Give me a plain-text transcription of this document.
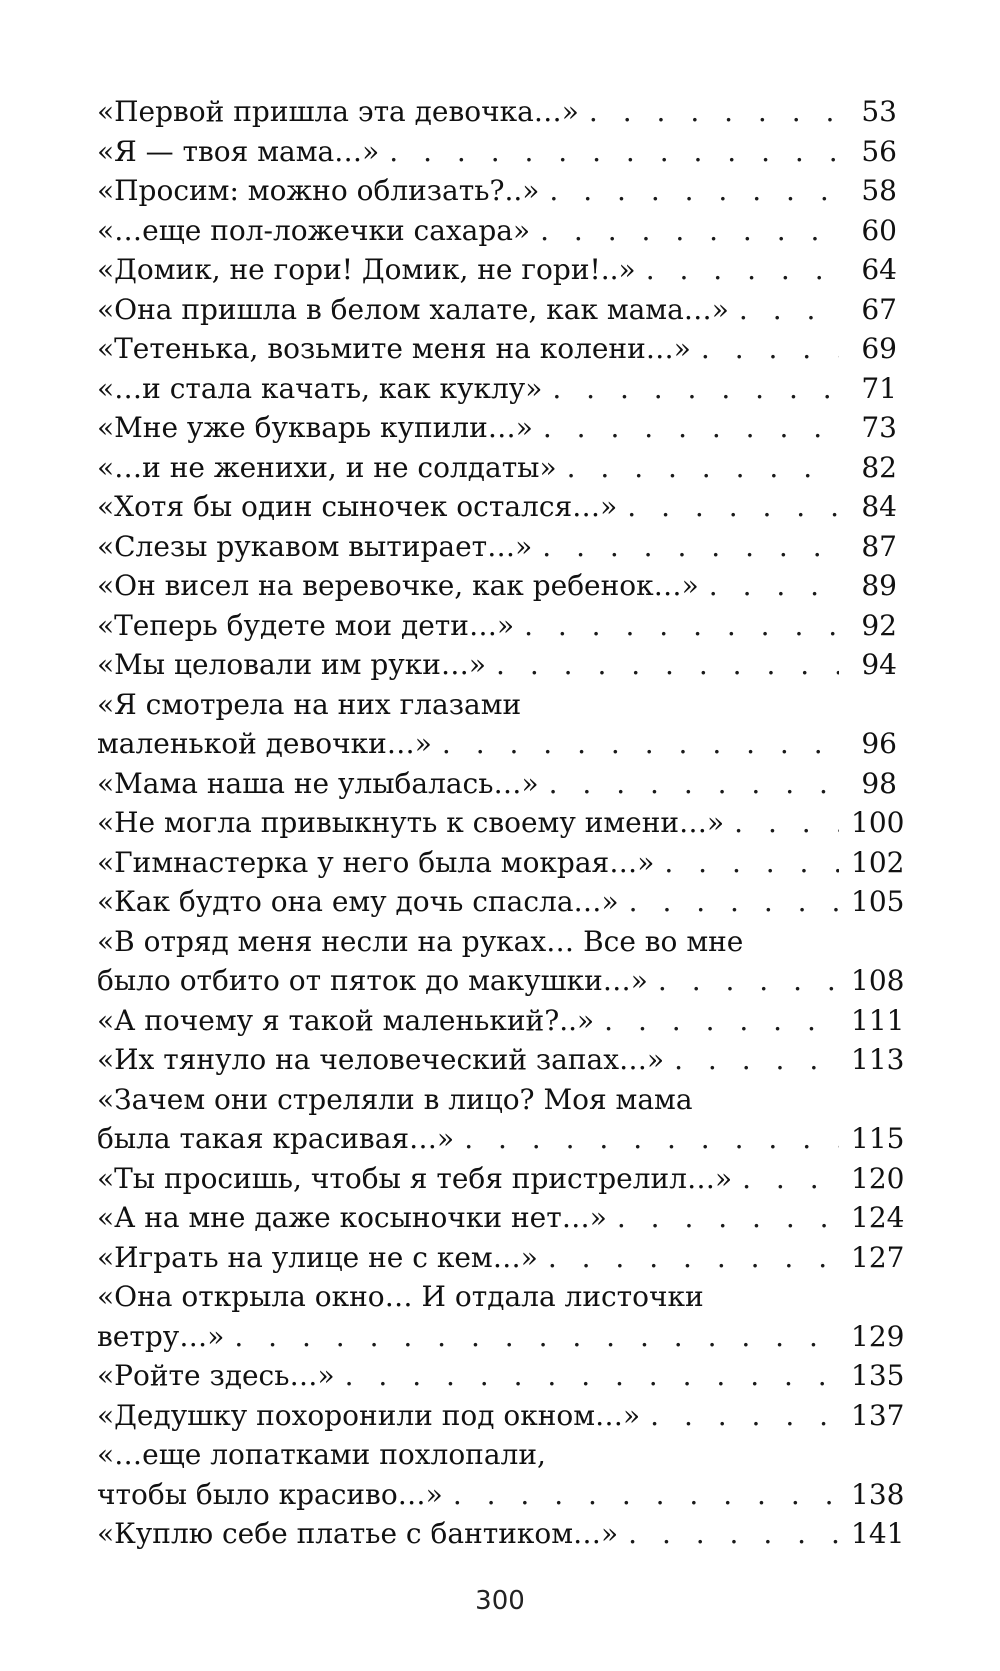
«Первой пришла эта девочка…» . . .	53
«Я — твоя мама…» . . .	56
«Просим: можно облизать?..» . . .	58
«…еще пол-ложечки сахара» . . .	60
«Домик, не гори! Домик, не гори!..» . . .	64
«Она пришла в белом халате, как мама…» . . .	67
«Тетенька, возьмите меня на колени…» . . .	69
«…и стала качать, как куклу» . . .	71
«Мне уже букварь купили…» . . .	73
«…и не женихи, и не солдаты» . . .	82
«Хотя бы один сыночек остался…» . . .	84
«Слезы рукавом вытирает…» . . .	87
«Он висел на веревочке, как ребенок…» . . .	89
«Теперь будете мои дети…» . . .	92
«Мы целовали им руки…» . . .	94
«Я смотрела на них глазами
маленькой девочки…» . . .	96
«Мама наша не улыбалась…» . . .	98
«Не могла привыкнуть к своему имени…» . . .	100
«Гимнастерка у него была мокрая…» . . .	102
«Как будто она ему дочь спасла…» . . .	105
«В отряд меня несли на руках… Все во мне
было отбито от пяток до макушки…» . . .	108
«А почему я такой маленький?..» . . .	111
«Их тянуло на человеческий запах…» . . .	113
«Зачем они стреляли в лицо? Моя мама
была такая красивая…» . . .	115
«Ты просишь, чтобы я тебя пристрелил…» . . .	120
«А на мне даже косыночки нет…» . . .	124
«Играть на улице не с кем…» . . .	127
«Она открыла окно… И отдала листочки
ветру…» . . .	129
«Ройте здесь…» . . .	135
«Дедушку похоронили под окном…» . . .	137
«…еще лопатками похлопали,
чтобы было красиво…» . . .	138
«Куплю себе платье с бантиком…» . . .	141
300
